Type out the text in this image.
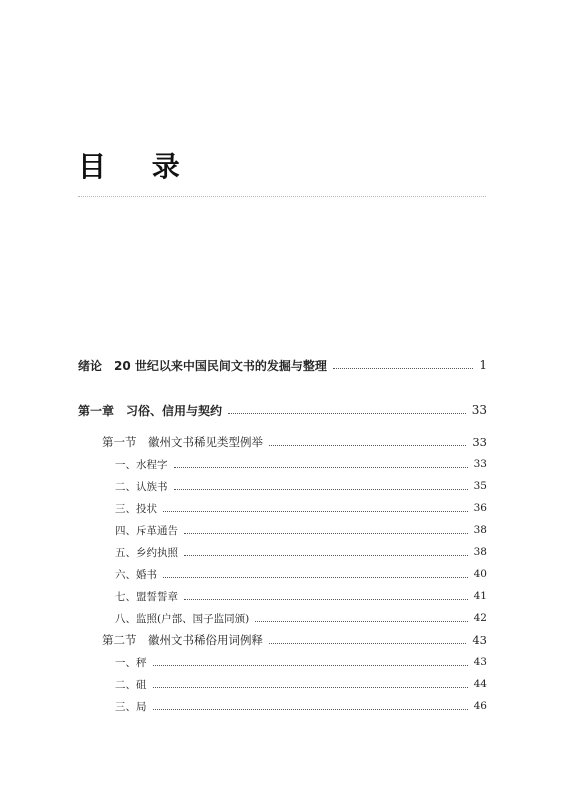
目 录
绪论　20 世纪以来中国民间文书的发掘与整理	1
第一章　习俗、信用与契约	33
第一节　徽州文书稀见类型例举	33
一、水程字	33
二、认族书	35
三、投状	36
四、斥革通告	38
五、乡约执照	38
六、婚书	40
七、盟誓誓章	41
八、监照(户部、国子监同颁)	42
第二节　徽州文书稀俗用词例释	43
一、秤	43
二、砠	44
三、局	46
